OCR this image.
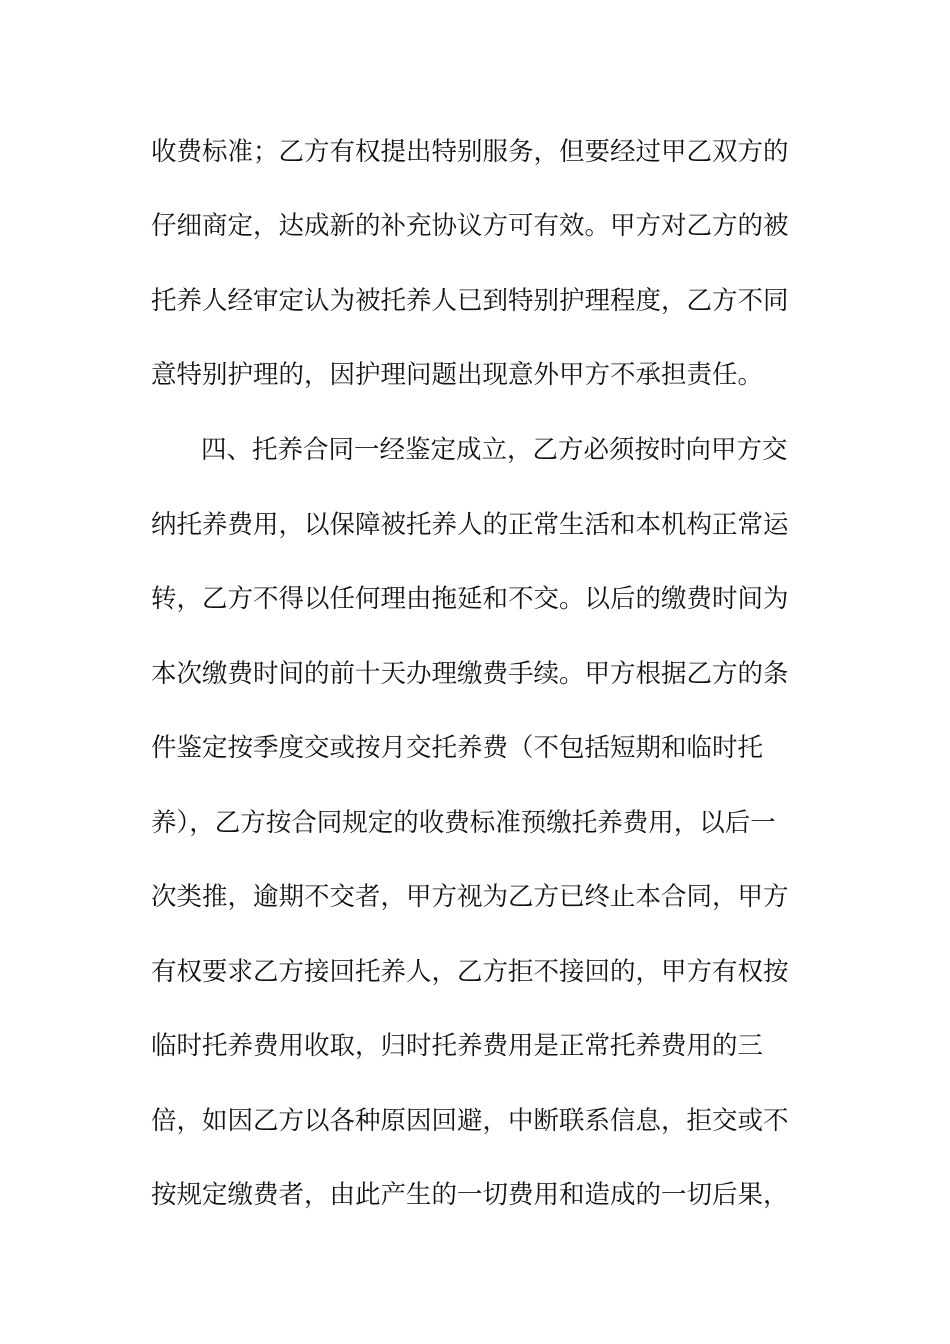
收费标准；乙方有权提出特别服务，但要经过甲乙双方的

仔细商定，达成新的补充协议方可有效。甲方对乙方的被

托养人经审定认为被托养人已到特别护理程度，乙方不同

意特别护理的，因护理问题出现意外甲方不承担责任。

四、托养合同一经鉴定成立，乙方必须按时向甲方交

纳托养费用，以保障被托养人的正常生活和本机构正常运

转，乙方不得以任何理由拖延和不交。以后的缴费时间为

本次缴费时间的前十天办理缴费手续。甲方根据乙方的条

件鉴定按季度交或按月交托养费（不包括短期和临时托

养），乙方按合同规定的收费标准预缴托养费用，以后一

次类推，逾期不交者，甲方视为乙方已终止本合同，甲方

有权要求乙方接回托养人，乙方拒不接回的，甲方有权按

临时托养费用收取，归时托养费用是正常托养费用的三

倍，如因乙方以各种原因回避，中断联系信息，拒交或不

按规定缴费者，由此产生的一切费用和造成的一切后果，
